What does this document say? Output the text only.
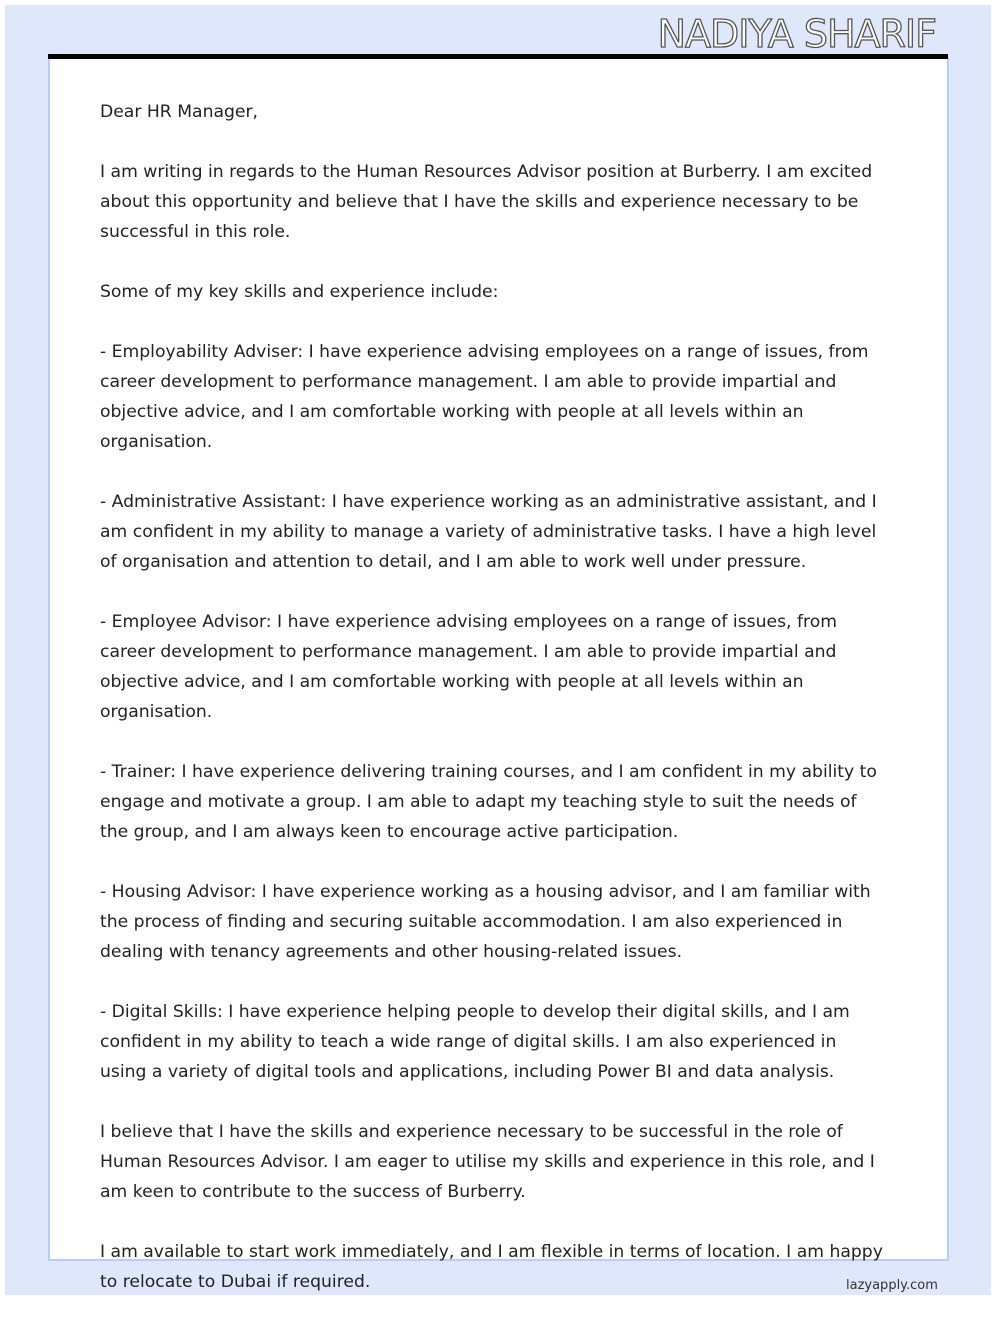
NADIYA SHARIF
Dear HR Manager,
I am writing in regards to the Human Resources Advisor position at Burberry. I am excited
about this opportunity and believe that I have the skills and experience necessary to be
successful in this role.
Some of my key skills and experience include:
- Employability Adviser: I have experience advising employees on a range of issues, from
career development to performance management. I am able to provide impartial and
objective advice, and I am comfortable working with people at all levels within an
organisation.
- Administrative Assistant: I have experience working as an administrative assistant, and I
am confident in my ability to manage a variety of administrative tasks. I have a high level
of organisation and attention to detail, and I am able to work well under pressure.
- Employee Advisor: I have experience advising employees on a range of issues, from
career development to performance management. I am able to provide impartial and
objective advice, and I am comfortable working with people at all levels within an
organisation.
- Trainer: I have experience delivering training courses, and I am confident in my ability to
engage and motivate a group. I am able to adapt my teaching style to suit the needs of
the group, and I am always keen to encourage active participation.
- Housing Advisor: I have experience working as a housing advisor, and I am familiar with
the process of finding and securing suitable accommodation. I am also experienced in
dealing with tenancy agreements and other housing-related issues.
- Digital Skills: I have experience helping people to develop their digital skills, and I am
confident in my ability to teach a wide range of digital skills. I am also experienced in
using a variety of digital tools and applications, including Power BI and data analysis.
I believe that I have the skills and experience necessary to be successful in the role of
Human Resources Advisor. I am eager to utilise my skills and experience in this role, and I
am keen to contribute to the success of Burberry.
I am available to start work immediately, and I am flexible in terms of location. I am happy
to relocate to Dubai if required.	lazyapply.com
